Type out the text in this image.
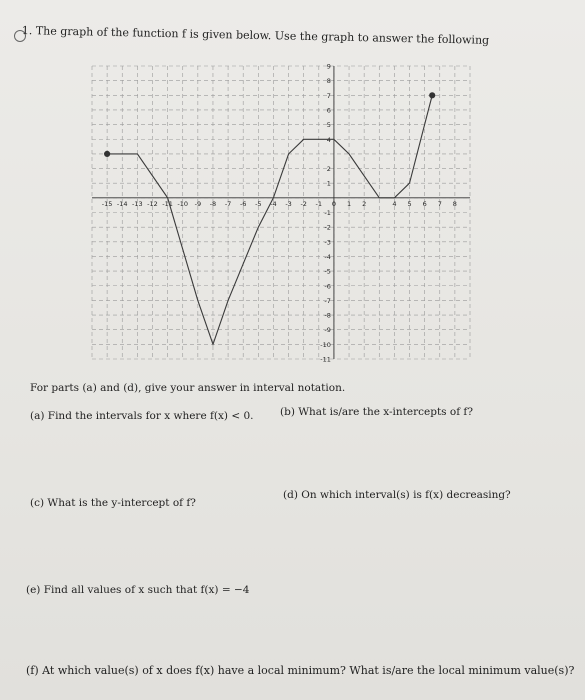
1. The graph of the function f is given below. Use the graph to answer the following
-15 -14 -13 -12 -11 -10 -9 -8 -7 -6 -5 -4 -3 -2 -1 0 1 2	4 5 6 7 8
9
8
7
6
5
4
2
1
-1
-2
-3
-4
-5
-6
-7
-8
-9
-10
-11
For parts (a) and (d), give your answer in interval notation.
(a) Find the intervals for x where f(x) < 0.	(b) What is/are the x-intercepts of f?
(c) What is the y-intercept of f?
(d) On which interval(s) is f(x) decreasing?
(e) Find all values of x such that f(x) = −4
(f) At which value(s) of x does f(x) have a local minimum? What is/are the local minimum value(s)?
